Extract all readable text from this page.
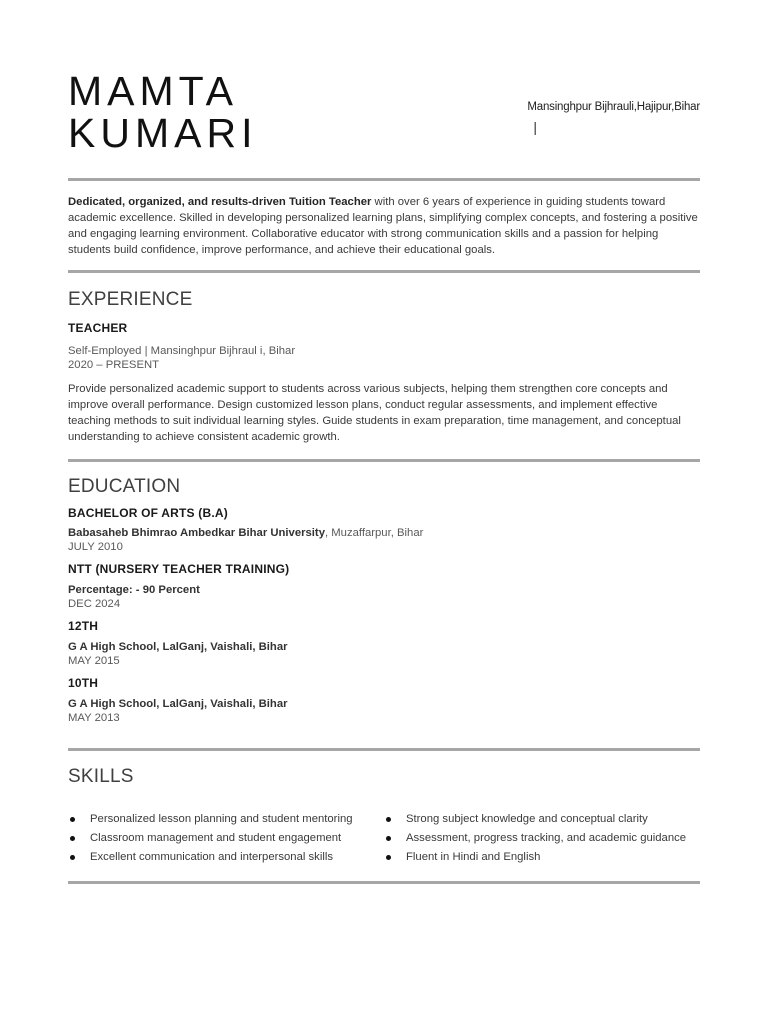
MAMTA
KUMARI
Mansinghpur Bijhrauli,Hajipur,Bihar
|

Dedicated, organized, and results-driven Tuition Teacher with over 6 years of experience in guiding students toward academic excellence. Skilled in developing personalized learning plans, simplifying complex concepts, and fostering a positive and engaging learning environment. Collaborative educator with strong communication skills and a passion for helping students build confidence, improve performance, and achieve their educational goals.

EXPERIENCE
TEACHER
Self-Employed | Mansinghpur Bijhraul i, Bihar
2020 – PRESENT

Provide personalized academic support to students across various subjects, helping them strengthen core concepts and improve overall performance. Design customized lesson plans, conduct regular assessments, and implement effective teaching methods to suit individual learning styles. Guide students in exam preparation, time management, and conceptual understanding to achieve consistent academic growth.

EDUCATION
BACHELOR OF ARTS (B.A)
Babasaheb Bhimrao Ambedkar Bihar University, Muzaffarpur, Bihar
JULY 2010
NTT (NURSERY TEACHER TRAINING)
Percentage: - 90 Percent
DEC 2024
12TH
G A High School, LalGanj, Vaishali, Bihar
MAY 2015
10TH
G A High School, LalGanj, Vaishali, Bihar
MAY 2013
SKILLS
Personalized lesson planning and student mentoring
Classroom management and student engagement
Excellent communication and interpersonal skills
Strong subject knowledge and conceptual clarity
Assessment, progress tracking, and academic guidance
Fluent in Hindi and English
